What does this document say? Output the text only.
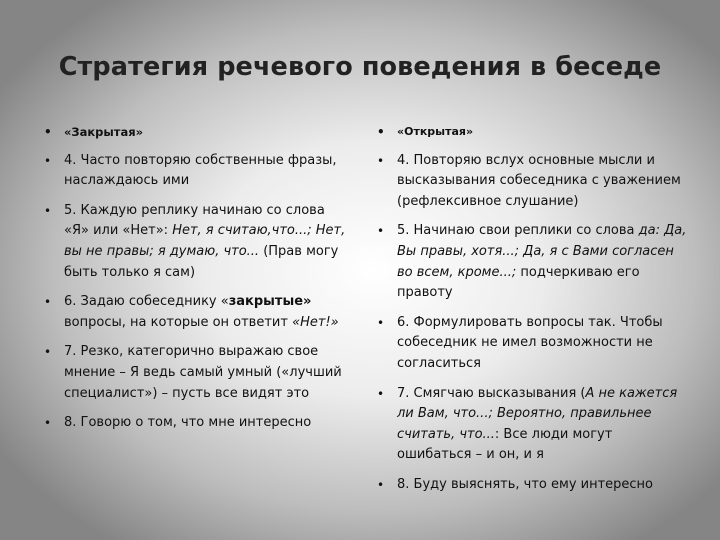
Стратегия речевого поведения в беседе
• «Закрытая»
• 4. Часто повторяю собственные фразы, наслаждаюсь ими
• 5. Каждую реплику начинаю со слова «Я» или «Нет»: Нет, я считаю,что...; Нет, вы не правы; я думаю, что... (Прав могу быть только я сам)
• 6. Задаю собеседнику «закрытые» вопросы, на которые он ответит «Нет!»
• 7. Резко, категорично выражаю свое мнение – Я ведь самый умный («лучший специалист») – пусть все видят это
• 8. Говорю о том, что мне интересно
• «Открытая»
• 4. Повторяю вслух основные мысли и высказывания собеседника с уважением (рефлексивное слушание)
• 5. Начинаю свои реплики со слова да: Да, Вы правы, хотя...; Да, я с Вами согласен во всем, кроме...; подчеркиваю его правоту
• 6. Формулировать вопросы так. Чтобы собеседник не имел возможности не согласиться
• 7. Смягчаю высказывания (А не кажется ли Вам, что...; Вероятно, правильнее считать, что...: Все люди могут ошибаться – и он, и я
• 8. Буду выяснять, что ему интересно
